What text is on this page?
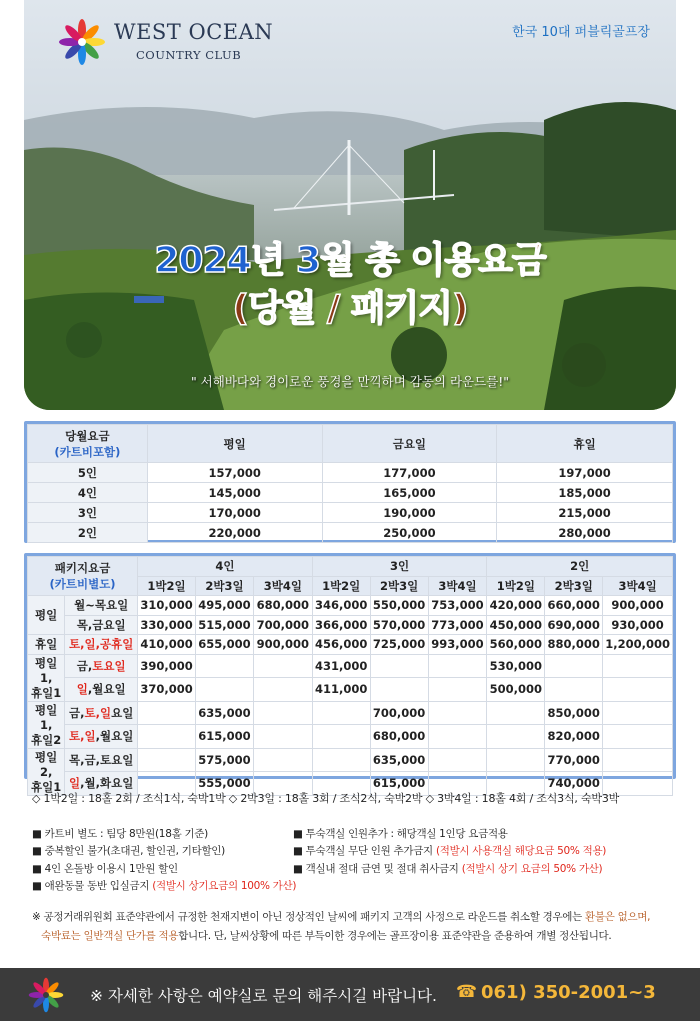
WEST OCEAN
COUNTRY CLUB
한국 10대 퍼블릭골프장
2024년 3월 총 이용요금
(당월 / 패키지)
" 서해바다와 경이로운 풍경을 만끽하며 감동의 라운드를!"
당월요금
(카트비포함)	평일	금요일	휴일
5인	157,000	177,000	197,000
4인	145,000	165,000	185,000
3인	170,000	190,000	215,000
2인	220,000	250,000	280,000
패키지요금
(카트비별도)		4인			3인			2인		
		1박2일	2박3일	3박4일	1박2일	2박3일	3박4일	1박2일	2박3일	3박4일

평일	월~목요일	310,000	495,000	680,000	346,000	550,000	753,000	420,000	660,000	900,000
	목,금요일	330,000	515,000	700,000	366,000	570,000	773,000	450,000	690,000	930,000

휴일	토,일,공휴일	410,000	655,000	900,000	456,000	725,000	993,000	560,000	880,000	1,200,000

평일1,
휴일1	금,토요일	390,000			431,000			530,000		
	일,월요일	370,000			411,000			500,000		

평일1,
휴일2	금,토,일요일		635,000			700,000			850,000	
	토,일,월요일		615,000			680,000			820,000	

평일2,
휴일1	목,금,토요일		575,000			635,000			770,000	
	일,월,화요일		555,000			615,000			740,000	
◇ 1박2일 : 18홀 2회 / 조식1식, 숙박1박 ◇ 2박3일 : 18홀 3회 / 조식2식, 숙박2박 ◇ 3박4일 : 18홀 4회 / 조식3식, 숙박3박
■ 카트비 별도 : 팀당 8만원(18홀 기준)
■ 중복할인 불가(초대권, 할인권, 기타할인)
■ 4인 온돌방 이용시 1만원 할인
■ 애완동물 동반 입실금지 (적발시 상기요금의 100% 가산)
■ 투숙객실 인원추가 : 해당객실 1인당 요금적용
■ 투숙객실 무단 인원 추가금지 (적발시 사용객실 해당요금 50% 적용)
■ 객실내 절대 금연 및 절대 취사금지 (적발시 상기 요금의 50% 가산)
※ 공정거래위원회 표준약관에서 규정한 천재지변이 아닌 정상적인 날씨에 패키지 고객의 사정으로 라운드를 취소할 경우에는 환불은 없으며,
숙박료는 일반객실 단가를 적용합니다. 단, 날씨상황에 따른 부득이한 경우에는 골프장이용 표준약관을 준용하여 개별 정산됩니다.
※ 자세한 사항은 예약실로 문의 해주시길 바랍니다. ☎ 061) 350-2001~3
